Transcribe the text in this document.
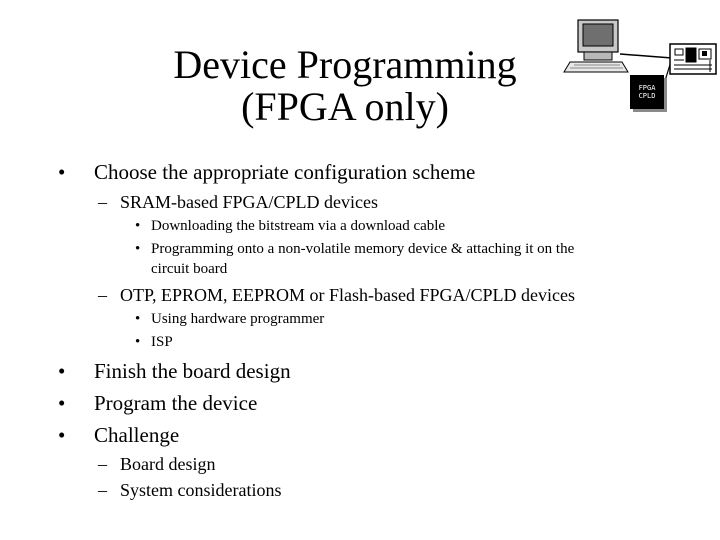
Device Programming
(FPGA only)	FPGA
CPLD
• Choose the appropriate configuration scheme
– SRAM-based FPGA/CPLD devices
• Downloading the bitstream via a download cable
• Programming onto a non-volatile memory device & attaching it on the
circuit board
– OTP, EPROM, EEPROM or Flash-based FPGA/CPLD devices
• Using hardware programmer
• ISP
• Finish the board design
• Program the device
• Challenge
– Board design
– System considerations
